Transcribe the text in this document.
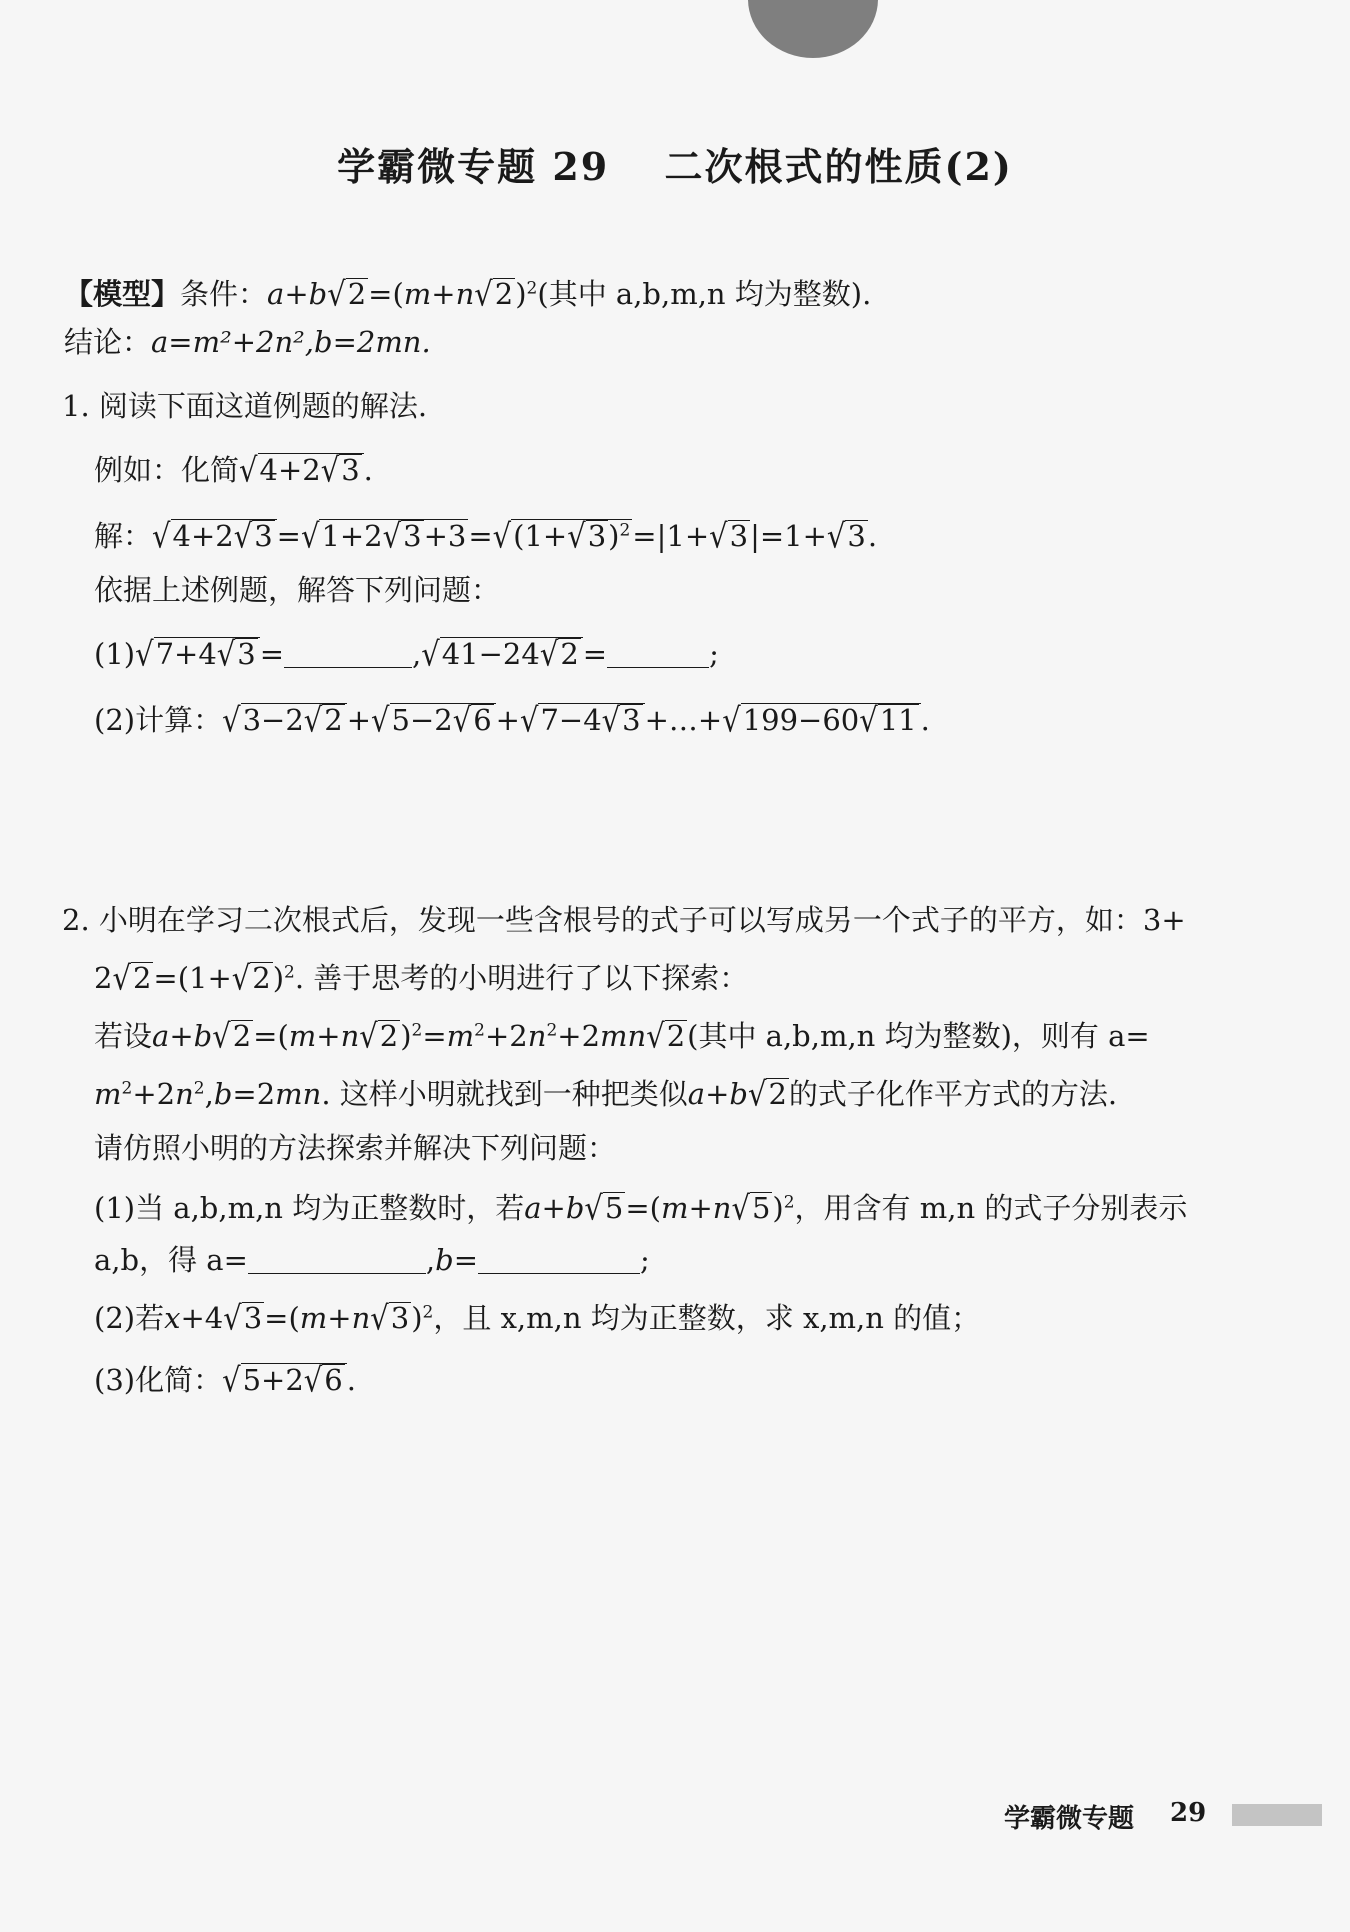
学霸微专题 29  二次根式的性质(2)
【模型】条件：$a+b√2=(m+n√2)^2$(其中 a,b,m,n 均为整数).
结论：a=m²+2n²,b=2mn.
1. 阅读下面这道例题的解法.
例如：化简√4+2√3 .
解：$√4+2√3 =√1+2√3+3=√(1+√3)^2=|1+√3|=1+√3$.
依据上述例题，解答下列问题：
(1)√7+4√3 =	,√41−24√2 =	;
(2)计算：√3−2√2 +√5−2√6 +√7−4√3 +…+√199−60√11 .
2. 小明在学习二次根式后，发现一些含根号的式子可以写成另一个式子的平方，如：3+
$2√2=(1+√2)^2$. 善于思考的小明进行了以下探索：
若设$a+b√2=(m+n√2)^2=m^2+2n^2+2mn√2$(其中 a,b,m,n 均为整数)，则有 a=
$m^2+2n^2,b=2mn$. 这样小明就找到一种把类似a+b√2的式子化作平方式的方法.
请仿照小明的方法探索并解决下列问题：
(1)当 a,b,m,n 均为正整数时，若$a+b√5=(m+n√5)^2$，用含有 m,n 的式子分别表示
a,b，得 a=	,b=	;
(2)若$x+4√3=(m+n√3)^2$，且 x,m,n 均为正整数，求 x,m,n 的值；
(3)化简：√5+2√6 .
学霸微专题 29
